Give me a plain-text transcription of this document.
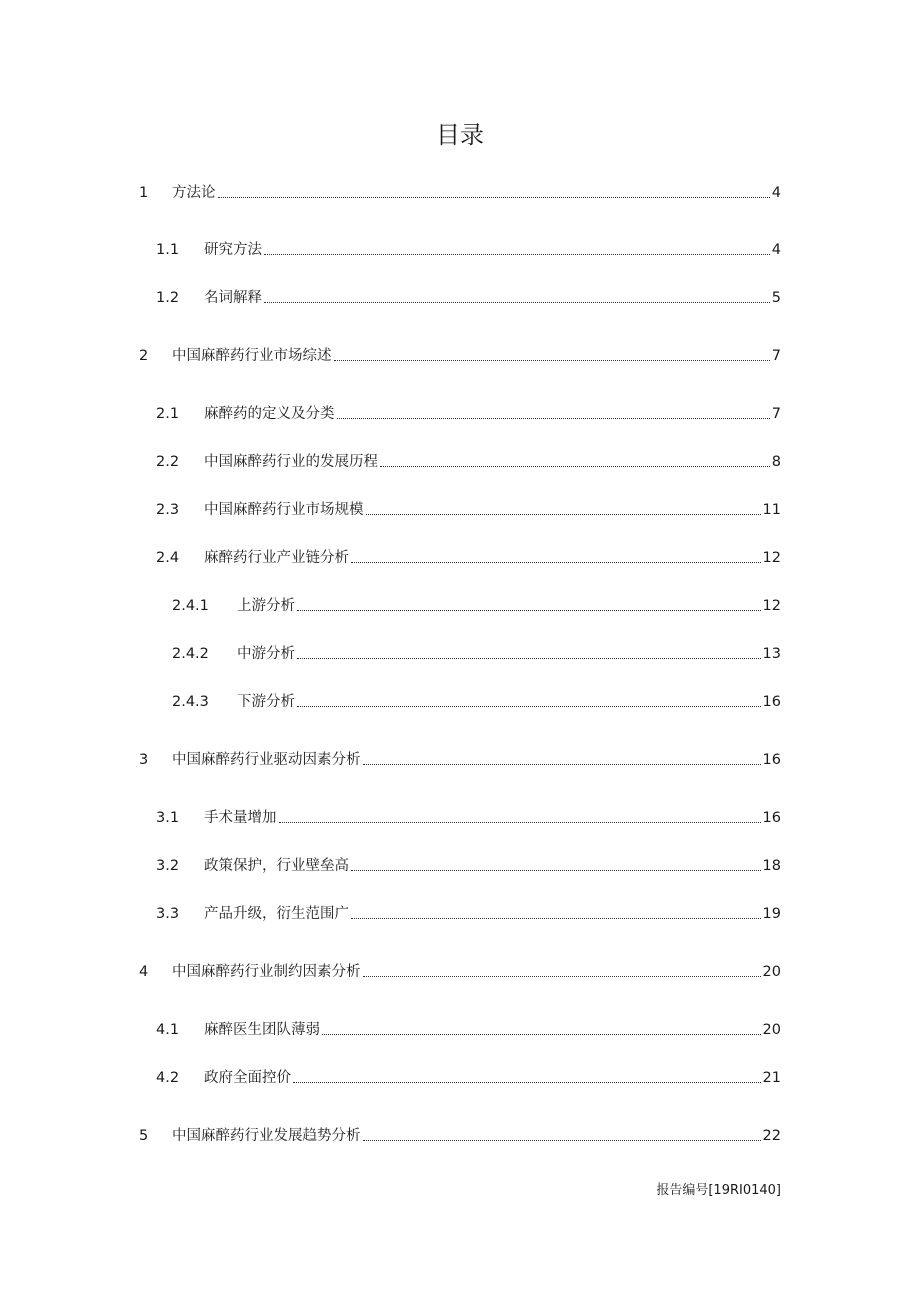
目录
1	方法论	4
1.1	研究方法	4
1.2	名词解释	5
2	中国麻醉药行业市场综述	7
2.1	麻醉药的定义及分类	7
2.2	中国麻醉药行业的发展历程	8
2.3	中国麻醉药行业市场规模	11
2.4	麻醉药行业产业链分析	12
2.4.1	上游分析	12
2.4.2	中游分析	13
2.4.3	下游分析	16
3	中国麻醉药行业驱动因素分析	16
3.1	手术量增加	16
3.2	政策保护，行业壁垒高	18
3.3	产品升级，衍生范围广	19
4	中国麻醉药行业制约因素分析	20
4.1	麻醉医生团队薄弱	20
4.2	政府全面控价	21
5	中国麻醉药行业发展趋势分析	22
报告编号[19RI0140]
